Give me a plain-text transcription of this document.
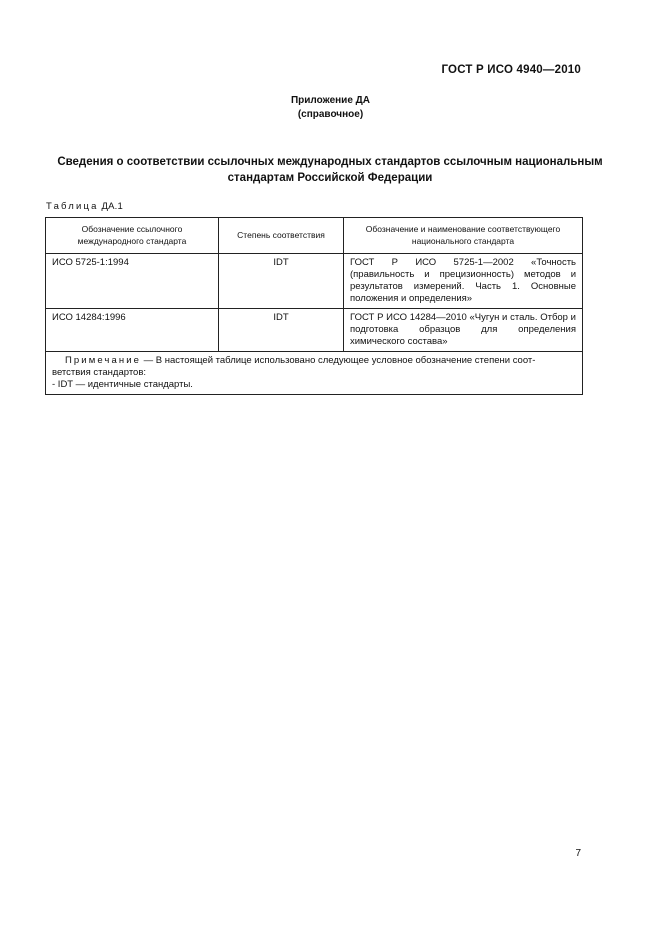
ГОСТ Р ИСО 4940—2010
Приложение ДА
(справочное)
Сведения о соответствии ссылочных международных стандартов ссылочным национальным
стандартам Российской Федерации
Таблица ДА.1
Обозначение ссылочного международного стандарта	Степень соответствия	Обозначение и наименование соответствующего национального стандарта
ИСО 5725-1:1994	IDT	ГОСТ Р ИСО 5725-1—2002 «Точность (правильность и прецизионность) методов и результатов измерений. Часть 1. Основные положения и определения»
ИСО 14284:1996	IDT	ГОСТ Р ИСО 14284—2010 «Чугун и сталь. Отбор и подготовка образцов для определения химического состава»

Примечание — В настоящей таблице использовано следующее условное обозначение степени соот-
ветствия стандартов:
- IDT — идентичные стандарты.		
7
